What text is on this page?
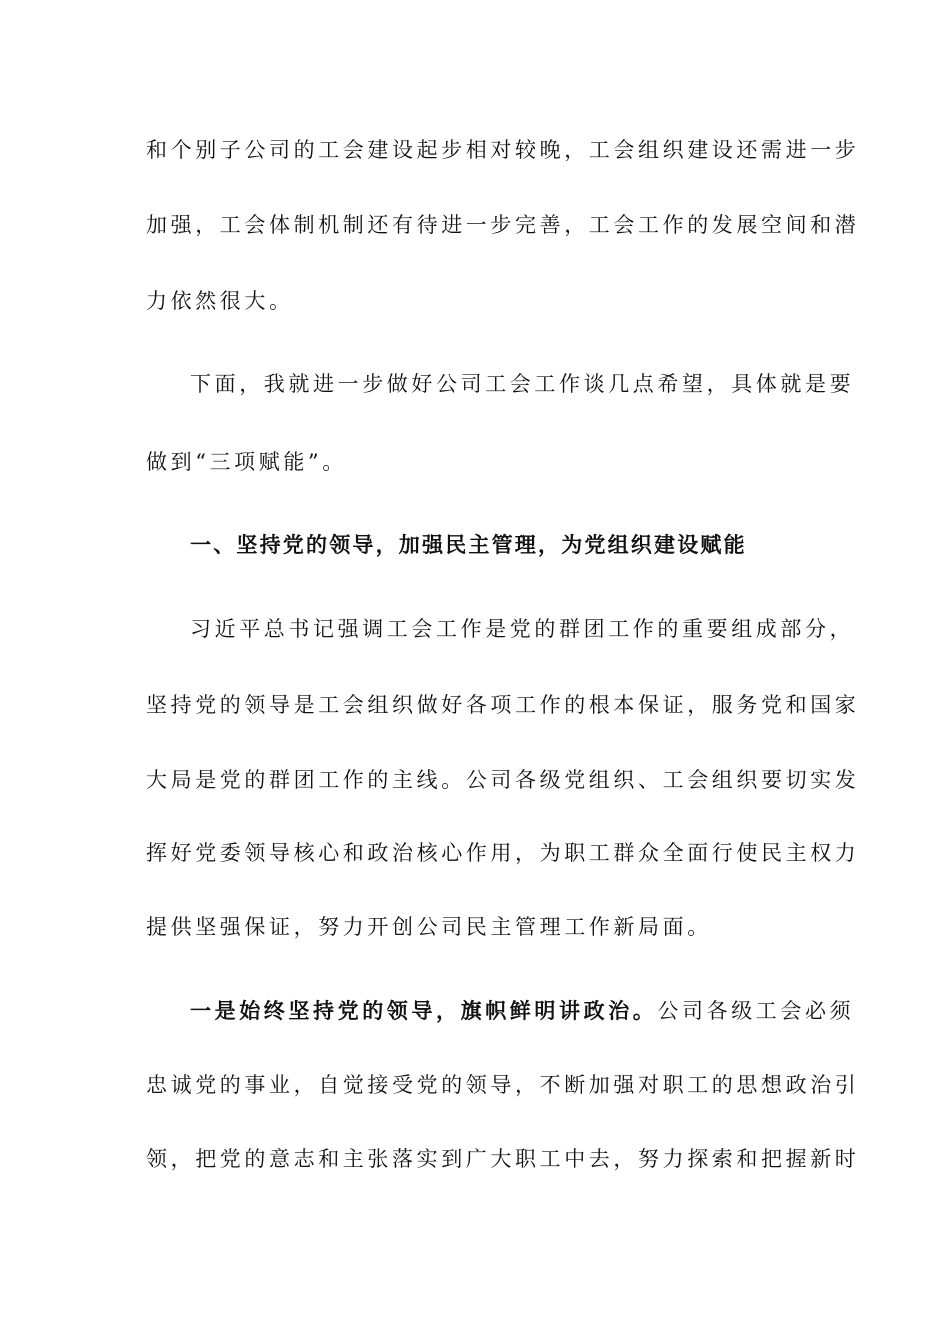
和个别子公司的工会建设起步相对较晚，工会组织建设还需进一步
加强，工会体制机制还有待进一步完善，工会工作的发展空间和潜
力依然很大。
下面，我就进一步做好公司工会工作谈几点希望，具体就是要
做到“三项赋能”。
一、坚持党的领导，加强民主管理，为党组织建设赋能
习近平总书记强调工会工作是党的群团工作的重要组成部分，
坚持党的领导是工会组织做好各项工作的根本保证，服务党和国家
大局是党的群团工作的主线。公司各级党组织、工会组织要切实发
挥好党委领导核心和政治核心作用，为职工群众全面行使民主权力
提供坚强保证，努力开创公司民主管理工作新局面。
一是始终坚持党的领导，旗帜鲜明讲政治。公司各级工会必须
忠诚党的事业，自觉接受党的领导，不断加强对职工的思想政治引
领，把党的意志和主张落实到广大职工中去，努力探索和把握新时
